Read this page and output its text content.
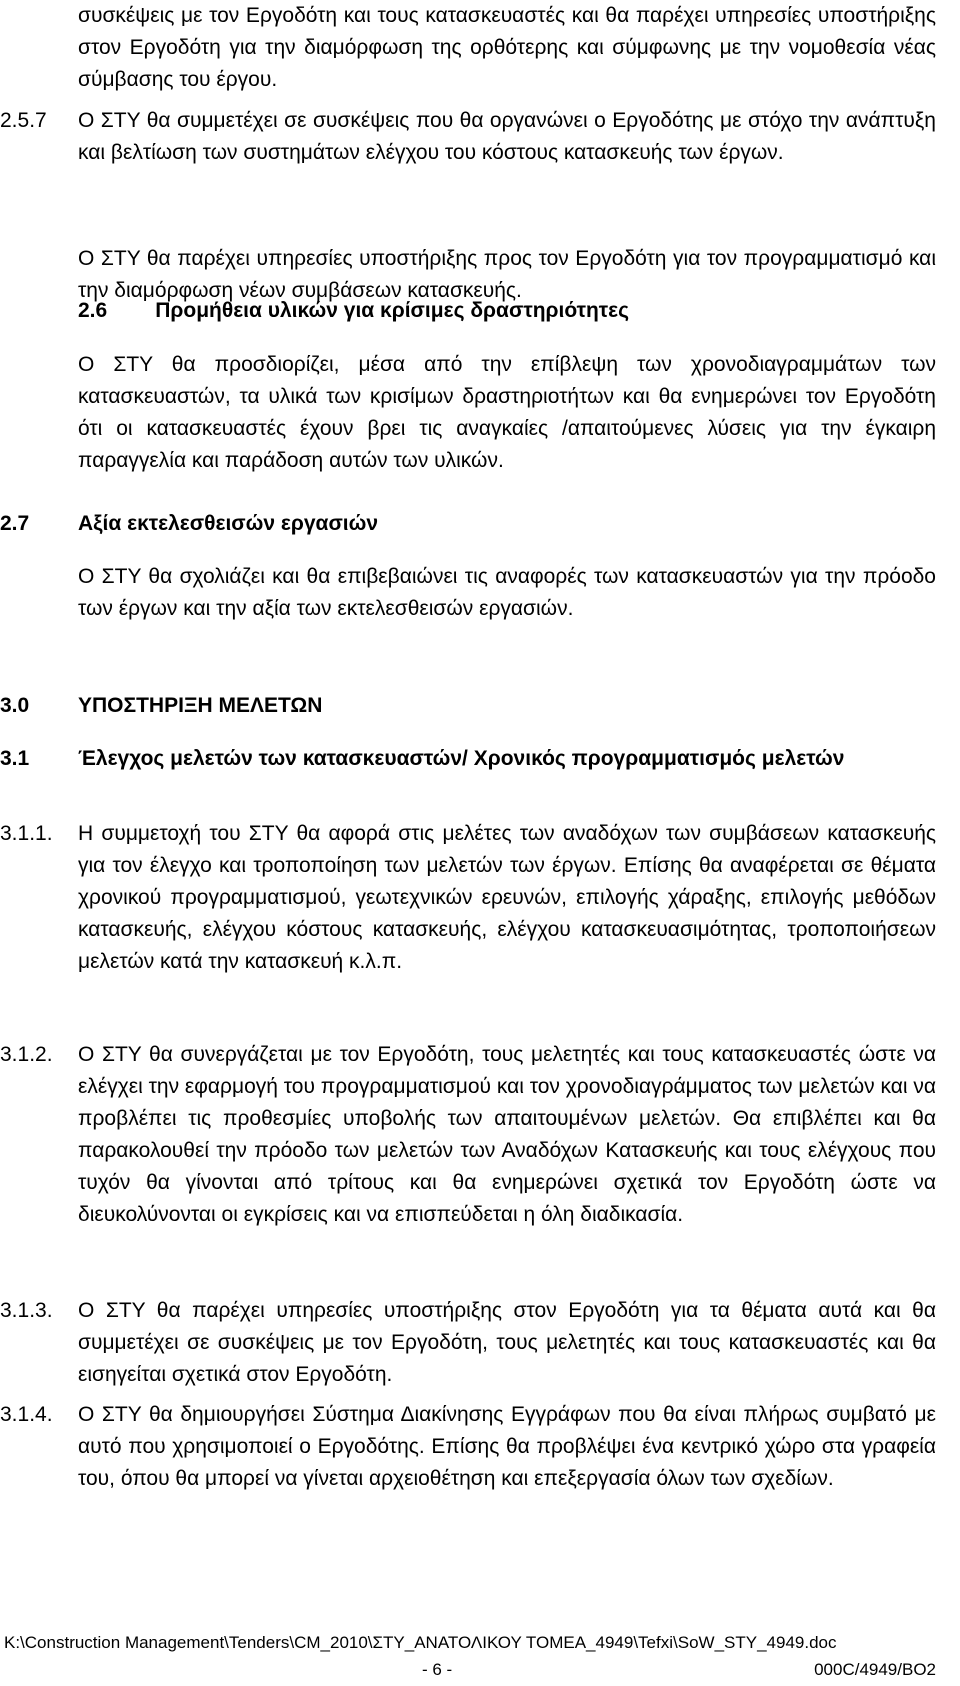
συσκέψεις με τον Εργοδότη και τους κατασκευαστές και θα παρέχει υπηρεσίες υποστήριξης στον Εργοδότη για την διαμόρφωση της ορθότερης και σύμφωνης με την νομοθεσία νέας σύμβασης του έργου.

2.5.7 Ο ΣΤΥ θα συμμετέχει σε συσκέψεις που θα οργανώνει ο Εργοδότης με στόχο την ανάπτυξη και βελτίωση των συστημάτων ελέγχου του κόστους κατασκευής των έργων.

Ο ΣΤΥ θα παρέχει υπηρεσίες υποστήριξης προς τον Εργοδότη για τον προγραμματισμό και την διαμόρφωση νέων συμβάσεων κατασκευής.

2.6 Προμήθεια υλικών για κρίσιμες δραστηριότητες

Ο ΣΤΥ θα προσδιορίζει, μέσα από την επίβλεψη των χρονοδιαγραμμάτων των κατασκευαστών, τα υλικά των κρισίμων δραστηριοτήτων και θα ενημερώνει τον Εργοδότη ότι οι κατασκευαστές έχουν βρει τις αναγκαίες /απαιτούμενες λύσεις για την έγκαιρη παραγγελία και παράδοση αυτών των υλικών.

2.7 Αξία εκτελεσθεισών εργασιών

Ο ΣΤΥ θα σχολιάζει και θα επιβεβαιώνει τις αναφορές των κατασκευαστών για την πρόοδο των έργων και την αξία των εκτελεσθεισών εργασιών.

3.0 ΥΠΟΣΤΗΡΙΞΗ ΜΕΛΕΤΩΝ
3.1 Έλεγχος μελετών των κατασκευαστών/ Χρονικός προγραμματισμός μελετών

3.1.1. Η συμμετοχή του ΣΤΥ θα αφορά στις μελέτες των αναδόχων των συμβάσεων κατασκευής για τον έλεγχο και τροποποίηση των μελετών των έργων. Επίσης θα αναφέρεται σε θέματα χρονικού προγραμματισμού, γεωτεχνικών ερευνών, επιλογής χάραξης, επιλογής μεθόδων κατασκευής, ελέγχου κόστους κατασκευής, ελέγχου κατασκευασιμότητας, τροποποιήσεων μελετών κατά την κατασκευή κ.λ.π.

3.1.2. Ο ΣΤΥ θα συνεργάζεται με τον Εργοδότη, τους μελετητές και τους κατασκευαστές ώστε να ελέγχει την εφαρμογή του προγραμματισμού και τον χρονοδιαγράμματος των μελετών και να προβλέπει τις προθεσμίες υποβολής των απαιτουμένων μελετών. Θα επιβλέπει και θα παρακολουθεί την πρόοδο των μελετών των Αναδόχων Κατασκευής και τους ελέγχους που τυχόν θα γίνονται από τρίτους και θα ενημερώνει σχετικά τον Εργοδότη ώστε να διευκολύνονται οι εγκρίσεις και να επισπεύδεται η όλη διαδικασία.

3.1.3. Ο ΣΤΥ θα παρέχει υπηρεσίες υποστήριξης στον Εργοδότη για τα θέματα αυτά και θα συμμετέχει σε συσκέψεις με τον Εργοδότη, τους μελετητές και τους κατασκευαστές και θα εισηγείται σχετικά στον Εργοδότη.

3.1.4. Ο ΣΤΥ θα δημιουργήσει Σύστημα Διακίνησης Εγγράφων που θα είναι πλήρως συμβατό με αυτό που χρησιμοποιεί ο Εργοδότης. Επίσης θα προβλέψει ένα κεντρικό χώρο στα γραφεία του, όπου θα μπορεί να γίνεται αρχειοθέτηση και επεξεργασία όλων των σχεδίων.

K:\Construction Management\Tenders\CM_2010\ΣΤΥ_ΑΝΑΤΟΛΙΚΟΥ ΤΟΜΕΑ_4949\Tefxi\SoW_STY_4949.doc
- 6 -	000C/4949/BO2
